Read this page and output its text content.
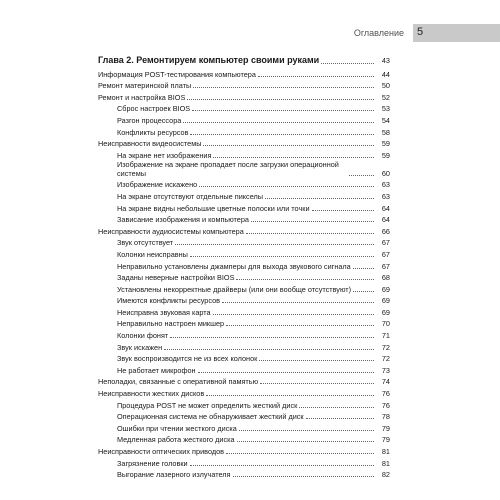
Оглавление 5
Глава 2. Ремонтируем компьютер своими руками	43
Информация POST-тестирования компьютера	44
Ремонт материнской платы	50
Ремонт и настройка BIOS	52
Сброс настроек BIOS	53
Разгон процессора	54
Конфликты ресурсов	58
Неисправности видеосистемы	59
На экране нет изображения	59
Изображение на экране пропадает после загрузки операционной системы	60
Изображение искажено	63
На экране отсутствуют отдельные пикселы	63
На экране видны небольшие цветные полоски или точки	64
Зависание изображения и компьютера	64
Неисправности аудиосистемы компьютера	66
Звук отсутствует	67
Колонки неисправны	67
Неправильно установлены джамперы для выхода звукового сигнала	67
Заданы неверные настройки BIOS	68
Установлены некорректные драйверы (или они вообще отсутствуют)	69
Имеются конфликты ресурсов	69
Неисправна звуковая карта	69
Неправильно настроен микшер	70
Колонки фонят	71
Звук искажен	72
Звук воспроизводится не из всех колонок	72
Не работает микрофон	73
Неполадки, связанные с оперативной памятью	74
Неисправности жестких дисков	76
Процедура POST не может определить жесткий диск	76
Операционная система не обнаруживает жесткий диск	78
Ошибки при чтении жесткого диска	79
Медленная работа жесткого диска	79
Неисправности оптических приводов	81
Загрязнение головки	81
Выгорание лазерного излучателя	82
